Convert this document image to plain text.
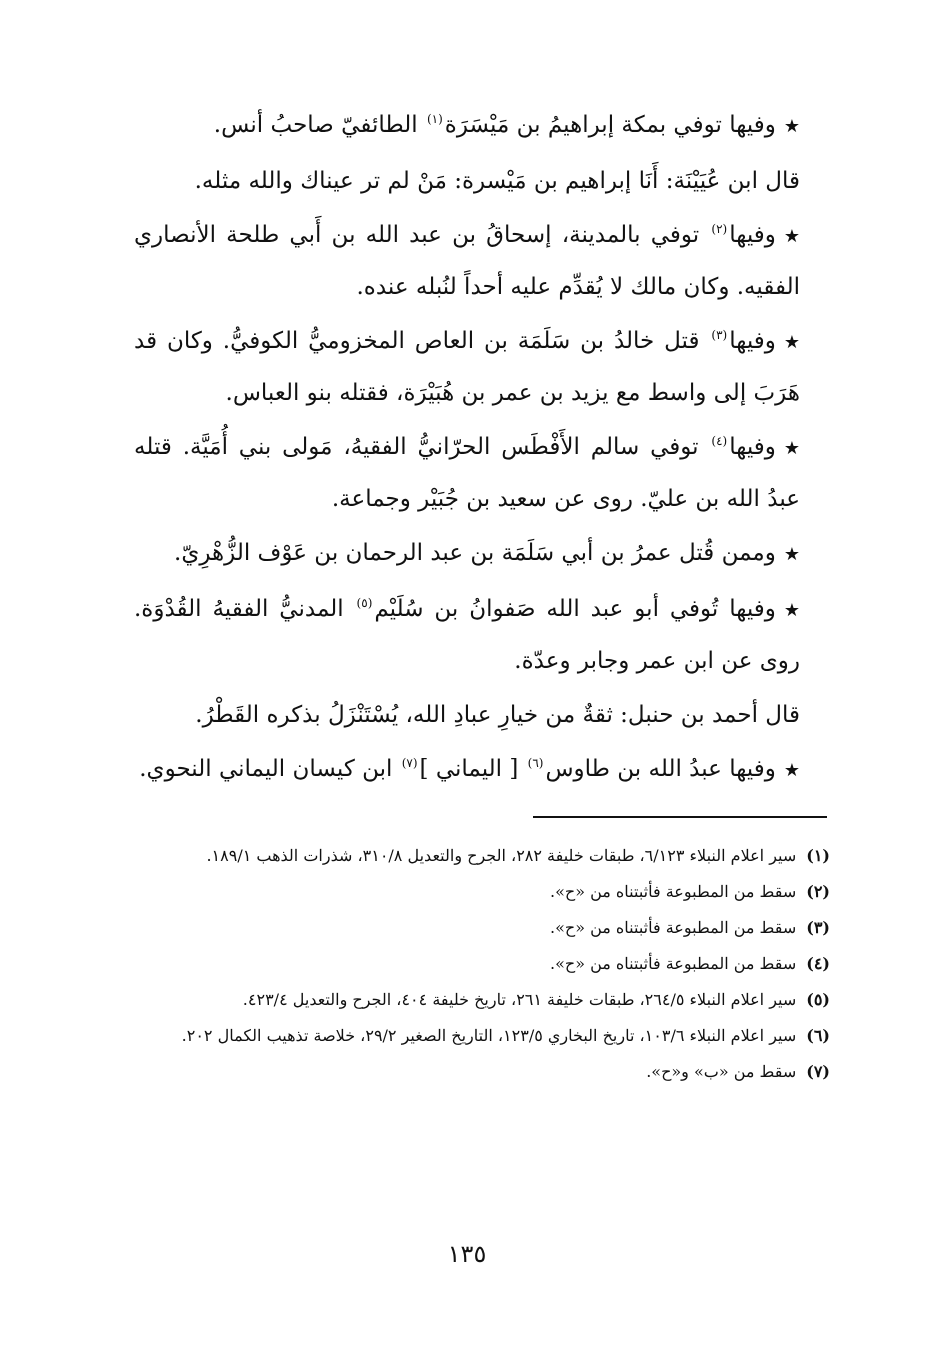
★وفيها توفي بمكة إبراهيمُ بن مَيْسَرَة$^{(١)}$ الطائفيّ صاحبُ أنس.

قال ابن عُيَيْنَة: أَنَا إبراهيم بن مَيْسرة: مَنْ لم تر عيناك والله مثله.

★وفيها$^{(٢)}$ توفي بالمدينة، إسحاقُ بن عبد الله بن أَبي طلحة الأنصاري الفقيه. وكان مالك لا يُقدِّم عليه أحداً لنُبله عنده.

★وفيها$^{(٣)}$ قتل خالدُ بن سَلَمَة بن العاص المخزوميُّ الكوفيُّ. وكان قد هَرَبَ إلى واسط مع يزيد بن عمر بن هُبَيْرَة، فقتله بنو العباس.

★وفيها$^{(٤)}$ توفي سالم الأَفْطَس الحرّانيُّ الفقيهُ، مَولى بني أُمَيَّة. قتله عبدُ الله بن عليّ. روى عن سعيد بن جُبَيْر وجماعة.

★وممن قُتل عمرُ بن أبي سَلَمَة بن عبد الرحمان بن عَوْف الزُّهْرِيّ.

★وفيها تُوفي أبو عبد الله صَفوانُ بن سُلَيْم$^{(٥)}$ المدنيُّ الفقيهُ القُدْوَة. روى عن ابن عمر وجابر وعدّة.

قال أحمد بن حنبل: ثقةٌ من خيارِ عبادِ الله، يُسْتَنْزَلُ بذكره القَطْرُ.

★وفيها عبدُ الله بن طاوس$^{(٦)}$ [ اليماني ]$^{(٧)}$ ابن كيسان اليماني النحوي.

(١)سير اعلام النبلاء ٦/١٢٣، طبقات خليفة ٢٨٢، الجرح والتعديل ٣١٠/٨، شذرات الذهب ١٨٩/١.

(٢)سقط من المطبوعة فأثبتناه من «ح».

(٣)سقط من المطبوعة فأثبتناه من «ح».

(٤)سقط من المطبوعة فأثبتناه من «ح».

(٥)سير اعلام النبلاء ٢٦٤/٥، طبقات خليفة ٢٦١، تاريخ خليفة ٤٠٤، الجرح والتعديل ٤٢٣/٤.

(٦)سير اعلام النبلاء ١٠٣/٦، تاريخ البخاري ١٢٣/٥، التاريخ الصغير ٢٩/٢، خلاصة تذهيب الكمال ٢٠٢.

(٧)سقط من «ب» و«ح».

١٣٥
